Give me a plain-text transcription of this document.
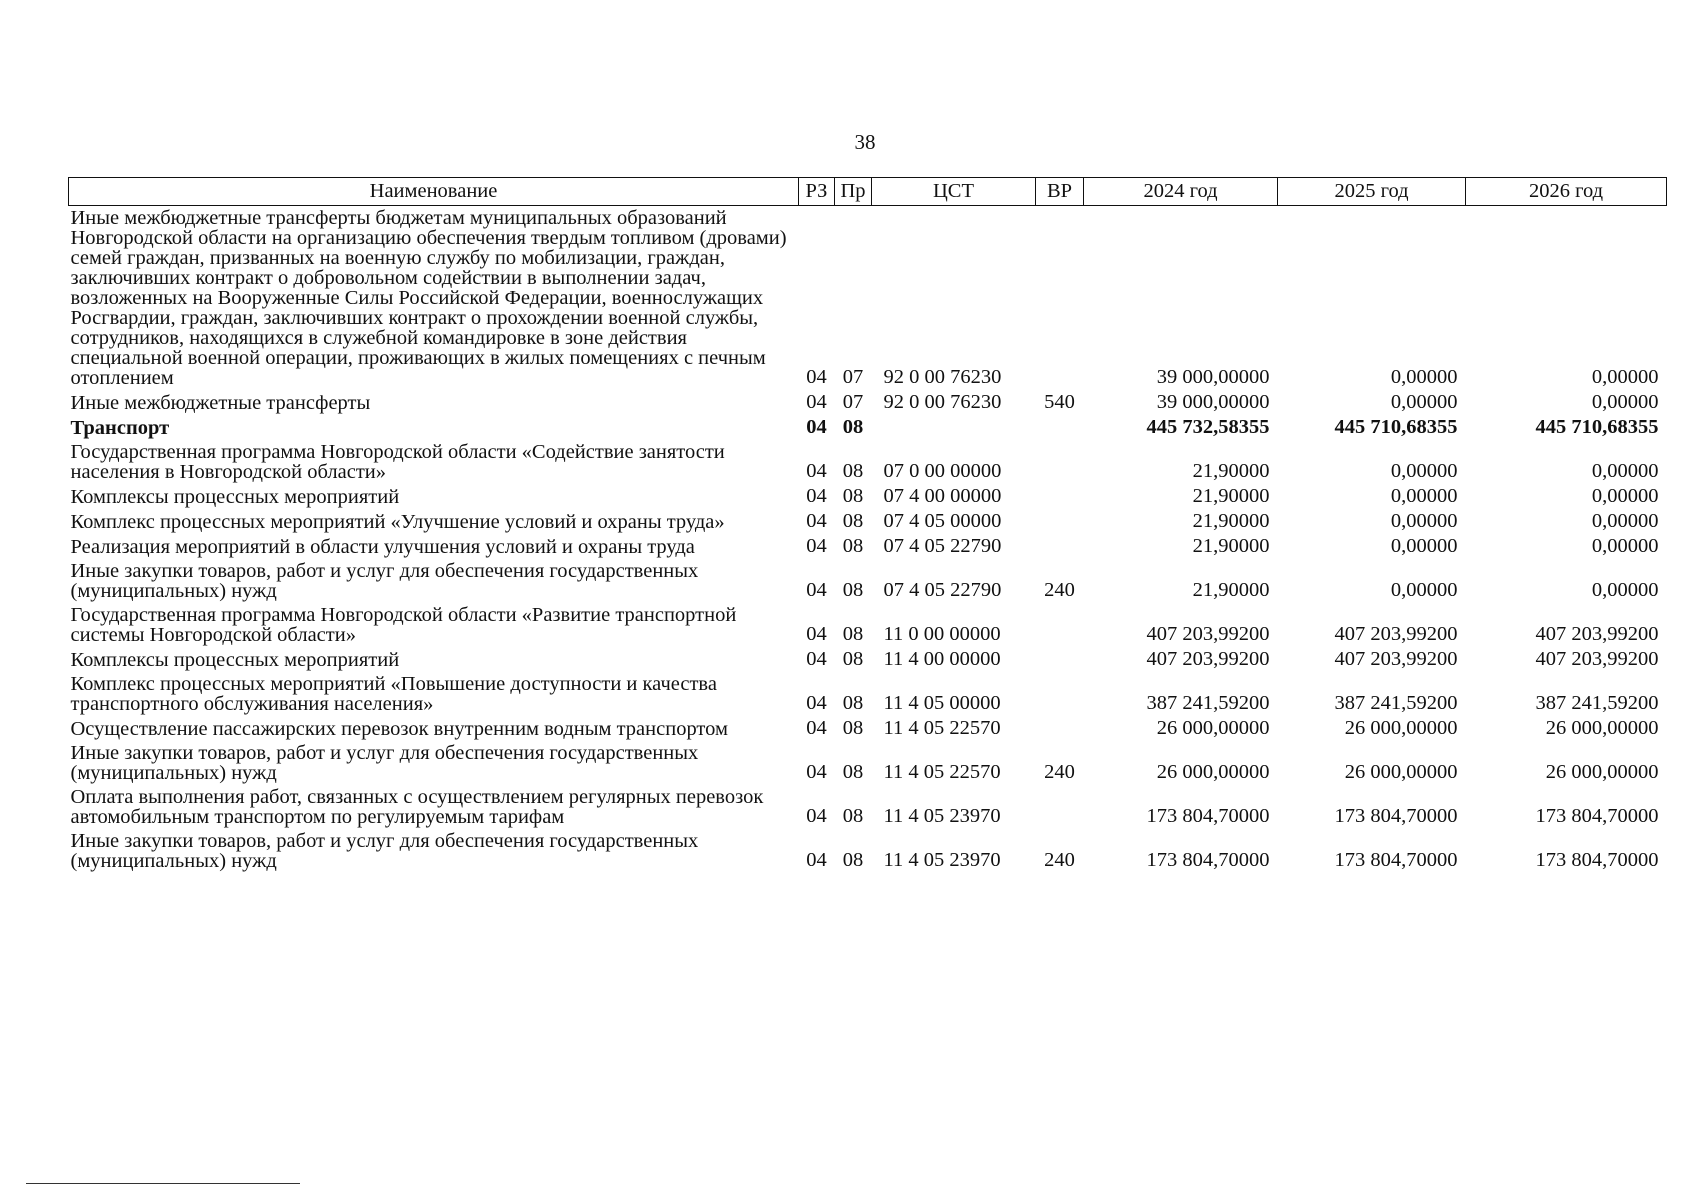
38
Наименование	РЗ	Пр	ЦСТ	ВР	2024 год	2025 год	2026 год
Иные межбюджетные трансферты бюджетам муниципальных образований Новгородской области на организацию обеспечения твердым топливом (дровами) семей граждан, призванных на военную службу по мобилизации, граждан, заключивших контракт о добровольном содействии в выполнении задач, возложенных на Вооруженные Силы Российской Федерации, военнослужащих Росгвардии, граждан, заключивших контракт о прохождении военной службы, сотрудников, находящихся в служебной командировке в зоне действия специальной военной операции, проживающих в жилых помещениях с печным отоплением	04	07	92 0 00 76230		39 000,00000	0,00000	0,00000
Иные межбюджетные трансферты	04	07	92 0 00 76230	540	39 000,00000	0,00000	0,00000
Транспорт	04	08			445 732,58355	445 710,68355	445 710,68355
Государственная программа Новгородской области «Содействие занятости населения в Новгородской области»	04	08	07 0 00 00000		21,90000	0,00000	0,00000
Комплексы процессных мероприятий	04	08	07 4 00 00000		21,90000	0,00000	0,00000
Комплекс процессных мероприятий «Улучшение условий и охраны труда»	04	08	07 4 05 00000		21,90000	0,00000	0,00000
Реализация мероприятий в области улучшения условий и охраны труда	04	08	07 4 05 22790		21,90000	0,00000	0,00000
Иные закупки товаров, работ и услуг для обеспечения государственных (муниципальных) нужд	04	08	07 4 05 22790	240	21,90000	0,00000	0,00000
Государственная программа Новгородской области «Развитие транспортной системы Новгородской области»	04	08	11 0 00 00000		407 203,99200	407 203,99200	407 203,99200
Комплексы процессных мероприятий	04	08	11 4 00 00000		407 203,99200	407 203,99200	407 203,99200
Комплекс процессных мероприятий «Повышение доступности и качества транспортного обслуживания населения»	04	08	11 4 05 00000		387 241,59200	387 241,59200	387 241,59200
Осуществление пассажирских перевозок внутренним водным транспортом	04	08	11 4 05 22570		26 000,00000	26 000,00000	26 000,00000
Иные закупки товаров, работ и услуг для обеспечения государственных (муниципальных) нужд	04	08	11 4 05 22570	240	26 000,00000	26 000,00000	26 000,00000
Оплата выполнения работ, связанных с осуществлением регулярных перевозок автомобильным транспортом по регулируемым тарифам	04	08	11 4 05 23970		173 804,70000	173 804,70000	173 804,70000
Иные закупки товаров, работ и услуг для обеспечения государственных (муниципальных) нужд	04	08	11 4 05 23970	240	173 804,70000	173 804,70000	173 804,70000
